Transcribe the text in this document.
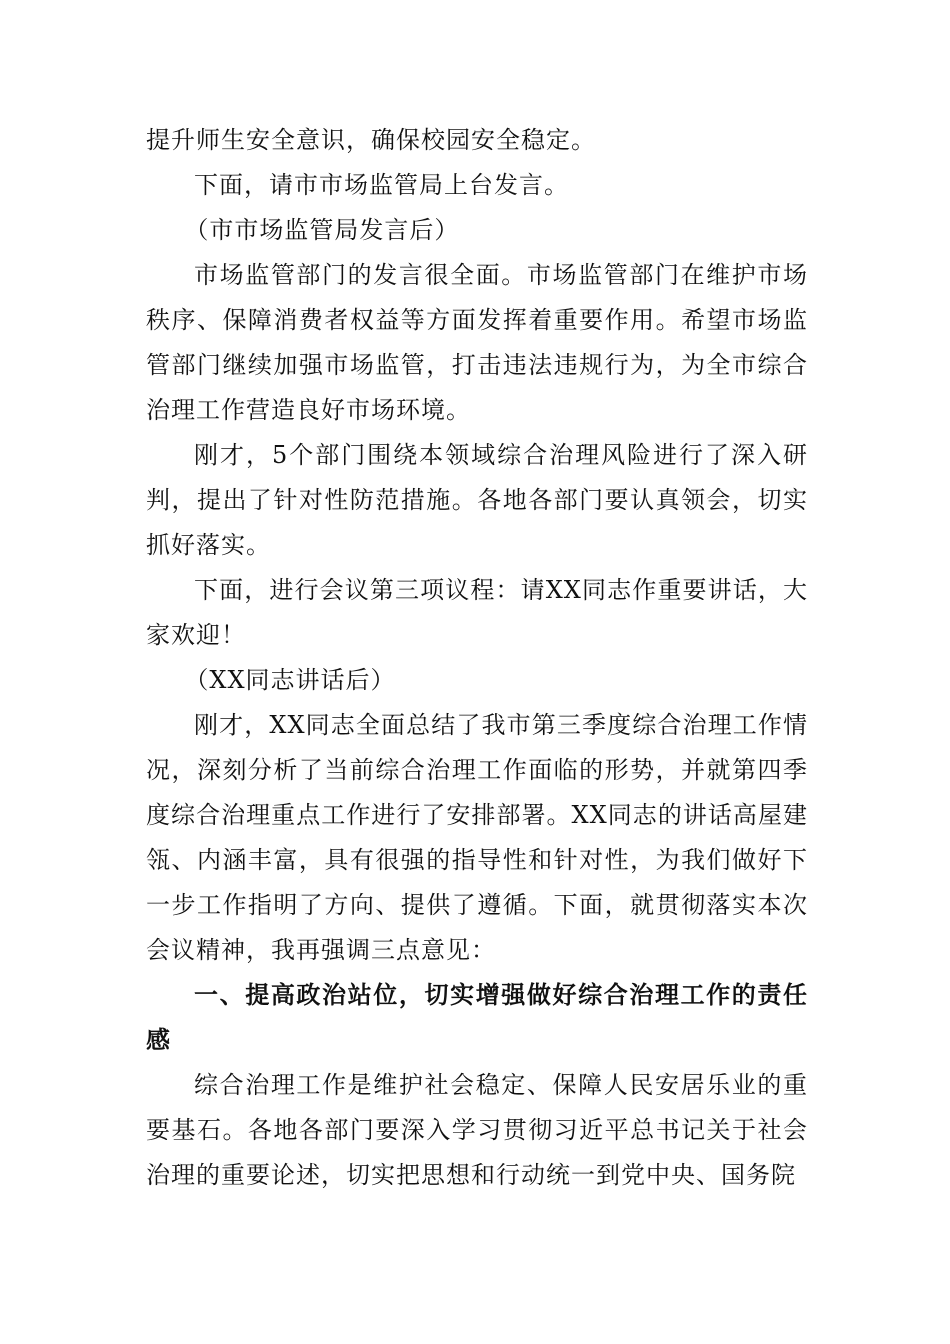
提升师生安全意识，确保校园安全稳定。

下面，请市市场监管局上台发言。

（市市场监管局发言后）

市场监管部门的发言很全面。市场监管部门在维护市场秩序、保障消费者权益等方面发挥着重要作用。希望市场监管部门继续加强市场监管，打击违法违规行为，为全市综合治理工作营造良好市场环境。

刚才，5个部门围绕本领域综合治理风险进行了深入研判，提出了针对性防范措施。各地各部门要认真领会，切实抓好落实。

下面，进行会议第三项议程：请XX同志作重要讲话，大家欢迎！

（XX同志讲话后）

刚才，XX同志全面总结了我市第三季度综合治理工作情况，深刻分析了当前综合治理工作面临的形势，并就第四季度综合治理重点工作进行了安排部署。XX同志的讲话高屋建瓴、内涵丰富，具有很强的指导性和针对性，为我们做好下一步工作指明了方向、提供了遵循。下面，就贯彻落实本次会议精神，我再强调三点意见：

一、提高政治站位，切实增强做好综合治理工作的责任感

综合治理工作是维护社会稳定、保障人民安居乐业的重要基石。各地各部门要深入学习贯彻习近平总书记关于社会治理的重要论述，切实把思想和行动统一到党中央、国务院
